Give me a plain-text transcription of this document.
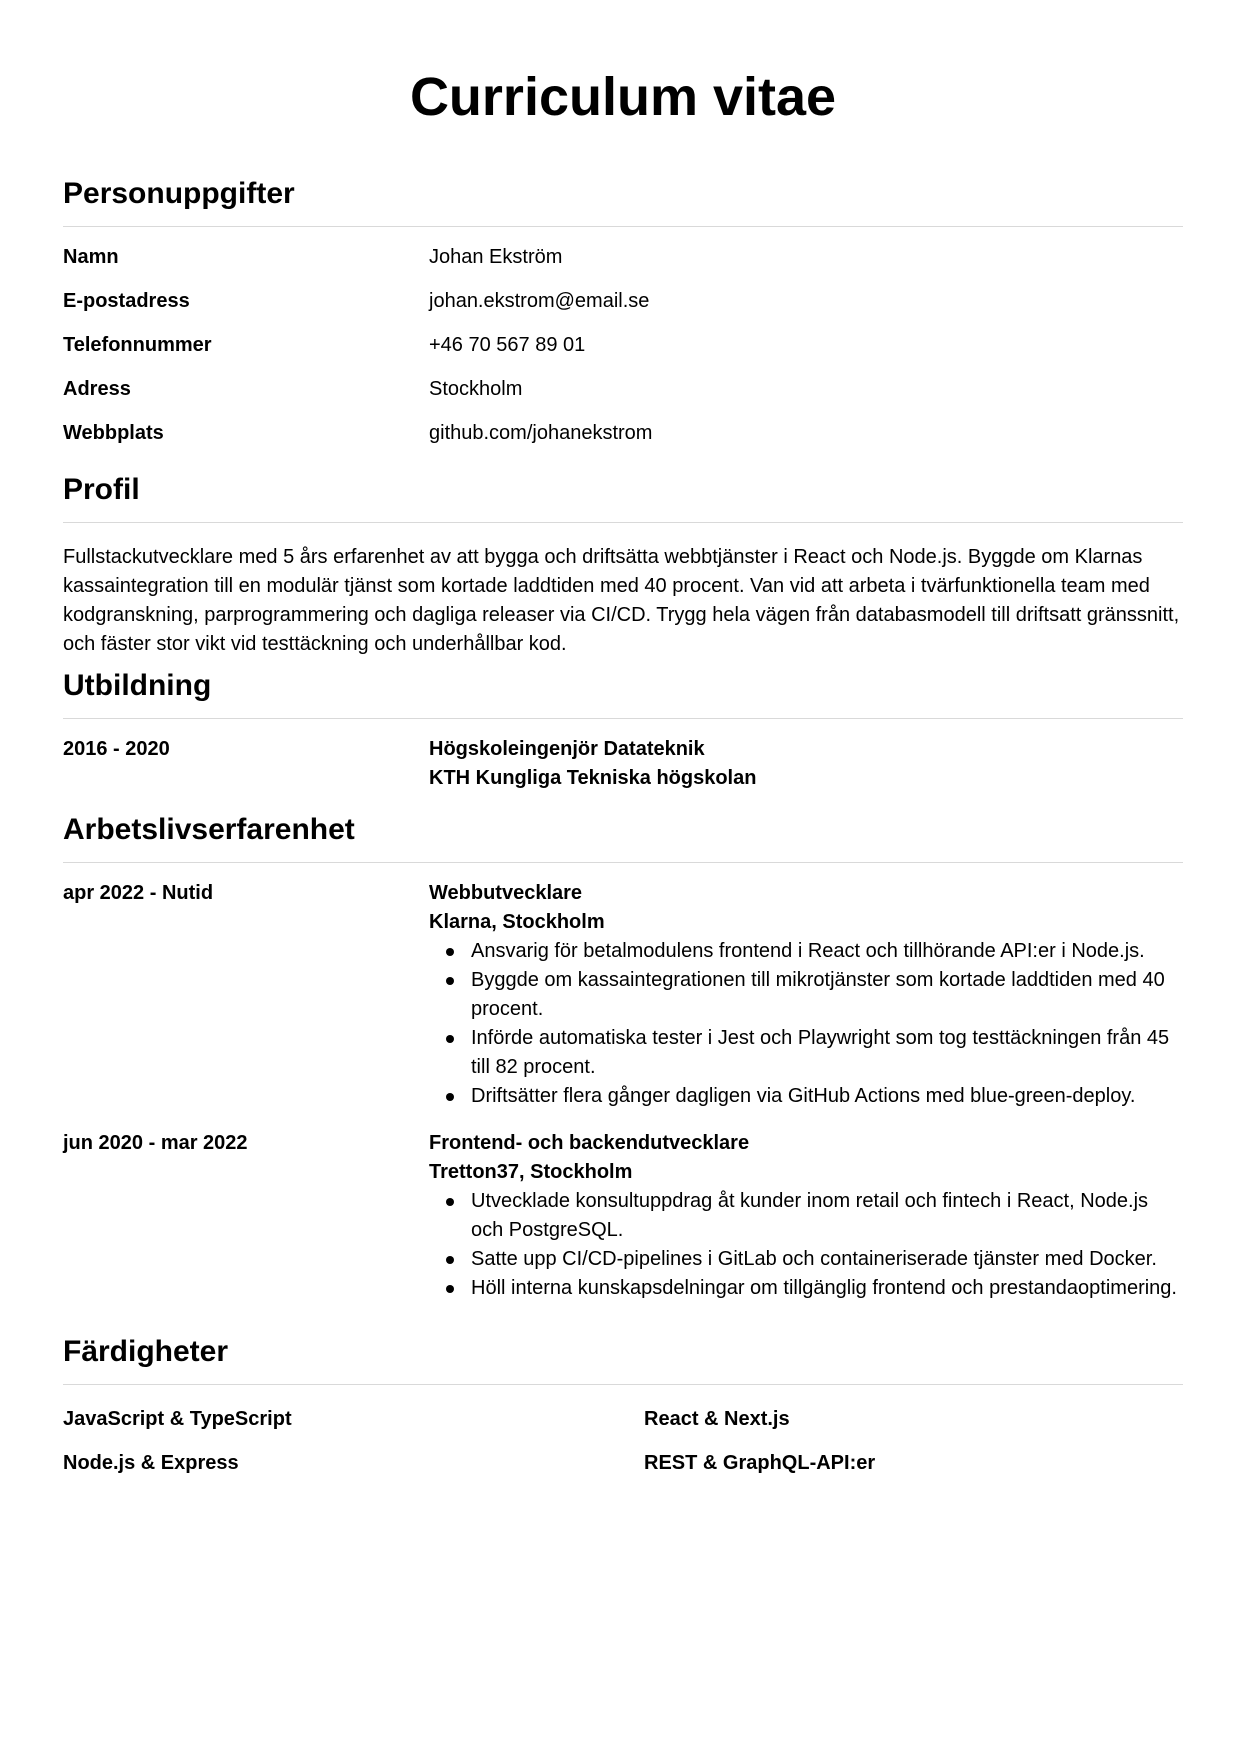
Curriculum vitae
Personuppgifter
Namn	Johan Ekström
E-postadress	johan.ekstrom@email.se
Telefonnummer	+46 70 567 89 01
Adress	Stockholm
Webbplats	github.com/johanekstrom
Profil

Fullstackutvecklare med 5 års erfarenhet av att bygga och driftsätta webbtjänster i React och Node.js. Byggde om Klarnas kassaintegration till en modulär tjänst som kortade laddtiden med 40 procent. Van vid att arbeta i tvärfunktionella team med kodgranskning, parprogrammering och dagliga releaser via CI/CD. Trygg hela vägen från databasmodell till driftsatt gränssnitt, och fäster stor vikt vid testtäckning och underhållbar kod.

Utbildning
2016 - 2020	Högskoleingenjör Datateknik
KTH Kungliga Tekniska högskolan
Arbetslivserfarenhet
apr 2022 - Nutid	Webbutvecklare
Klarna, Stockholm
Ansvarig för betalmodulens frontend i React och tillhörande API:er i Node.js.
Byggde om kassaintegrationen till mikrotjänster som kortade laddtiden med 40 procent.
Införde automatiska tester i Jest och Playwright som tog testtäckningen från 45 till 82 procent.
Driftsätter flera gånger dagligen via GitHub Actions med blue-green-deploy.
jun 2020 - mar 2022	Frontend- och backendutvecklare
Tretton37, Stockholm
Utvecklade konsultuppdrag åt kunder inom retail och fintech i React, Node.js och PostgreSQL.
Satte upp CI/CD-pipelines i GitLab och containeriserade tjänster med Docker.
Höll interna kunskapsdelningar om tillgänglig frontend och prestandaoptimering.
Färdigheter
JavaScript & TypeScript	React & Next.js
Node.js & Express	REST & GraphQL-API:er
